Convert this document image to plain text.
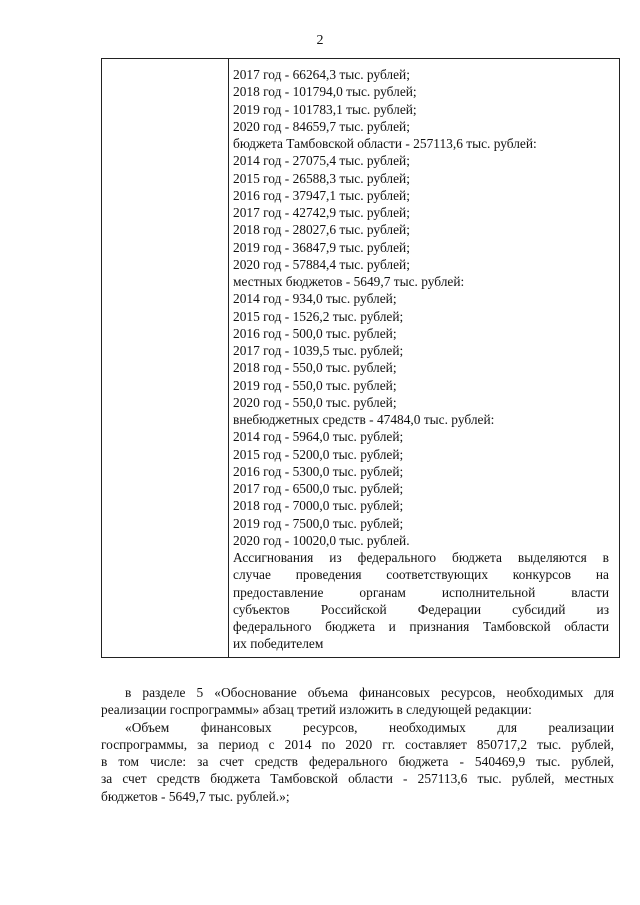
2
2017 год - 66264,3 тыс. рублей;
2018 год - 101794,0 тыс. рублей;
2019 год - 101783,1 тыс. рублей;
2020 год - 84659,7 тыс. рублей;
бюджета Тамбовской области - 257113,6 тыс. рублей:
2014 год - 27075,4 тыс. рублей;
2015 год - 26588,3 тыс. рублей;
2016 год - 37947,1 тыс. рублей;
2017 год - 42742,9 тыс. рублей;
2018 год - 28027,6 тыс. рублей;
2019 год - 36847,9 тыс. рублей;
2020 год - 57884,4 тыс. рублей;
местных бюджетов - 5649,7 тыс. рублей:
2014 год - 934,0 тыс. рублей;
2015 год - 1526,2 тыс. рублей;
2016 год - 500,0 тыс. рублей;
2017 год - 1039,5 тыс. рублей;
2018 год - 550,0 тыс. рублей;
2019 год - 550,0 тыс. рублей;
2020 год - 550,0 тыс. рублей;
внебюджетных средств - 47484,0 тыс. рублей:
2014 год - 5964,0 тыс. рублей;
2015 год - 5200,0 тыс. рублей;
2016 год - 5300,0 тыс. рублей;
2017 год - 6500,0 тыс. рублей;
2018 год - 7000,0 тыс. рублей;
2019 год - 7500,0 тыс. рублей;
2020 год - 10020,0 тыс. рублей.
Ассигнования из федерального бюджета выделяются в
случае проведения соответствующих конкурсов на
предоставление органам исполнительной власти
субъектов Российской Федерации субсидий из
федерального бюджета и признания Тамбовской области
их победителем
в разделе 5 «Обоснование объема финансовых ресурсов, необходимых для
реализации госпрограммы» абзац третий изложить в следующей редакции:
«Объем финансовых ресурсов, необходимых для реализации
госпрограммы, за период с 2014 по 2020 гг. составляет 850717,2 тыс. рублей,
в том числе: за счет средств федерального бюджета - 540469,9 тыс. рублей,
за счет средств бюджета Тамбовской области - 257113,6 тыс. рублей, местных
бюджетов - 5649,7 тыс. рублей.»;
